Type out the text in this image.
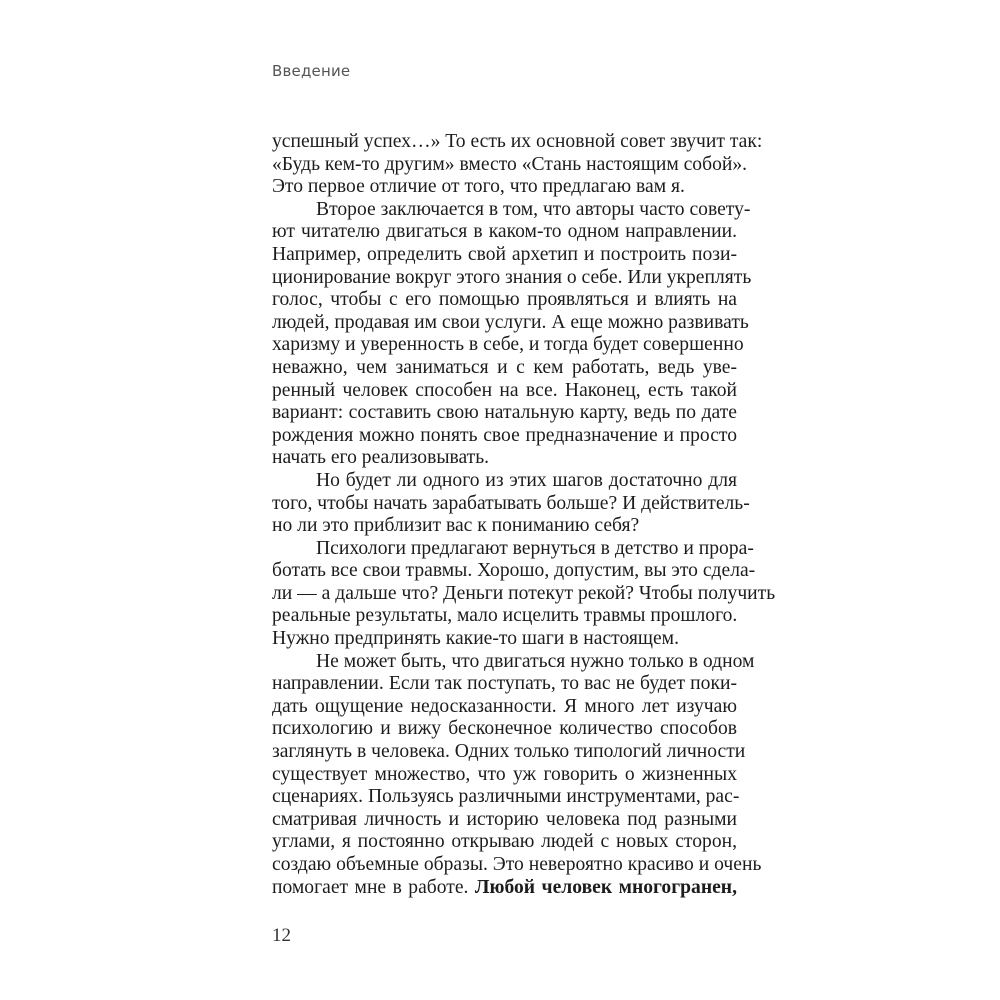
Введение
успешный успех…» То есть их основной совет звучит так:
«Будь кем-то другим» вместо «Стань настоящим собой».
Это первое отличие от того, что предлагаю вам я.
Второе заключается в том, что авторы часто совету-
ют читателю двигаться в каком-то одном направлении.
Например, определить свой архетип и построить пози-
ционирование вокруг этого знания о себе. Или укреплять
голос, чтобы с его помощью проявляться и влиять на
людей, продавая им свои услуги. А еще можно развивать
харизму и уверенность в себе, и тогда будет совершенно
неважно, чем заниматься и с кем работать, ведь уве-
ренный человек способен на все. Наконец, есть такой
вариант: составить свою натальную карту, ведь по дате
рождения можно понять свое предназначение и просто
начать его реализовывать.
Но будет ли одного из этих шагов достаточно для
того, чтобы начать зарабатывать больше? И действитель-
но ли это приблизит вас к пониманию себя?
Психологи предлагают вернуться в детство и прора-
ботать все свои травмы. Хорошо, допустим, вы это сдела-
ли — а дальше что? Деньги потекут рекой? Чтобы получить
реальные результаты, мало исцелить травмы прошлого.
Нужно предпринять какие-то шаги в настоящем.
Не может быть, что двигаться нужно только в одном
направлении. Если так поступать, то вас не будет поки-
дать ощущение недосказанности. Я много лет изучаю
психологию и вижу бесконечное количество способов
заглянуть в человека. Одних только типологий личности
существует множество, что уж говорить о жизненных
сценариях. Пользуясь различными инструментами, рас-
сматривая личность и историю человека под разными
углами, я постоянно открываю людей с новых сторон,
создаю объемные образы. Это невероятно красиво и очень
помогает мне в работе. Любой человек многогранен,
12
